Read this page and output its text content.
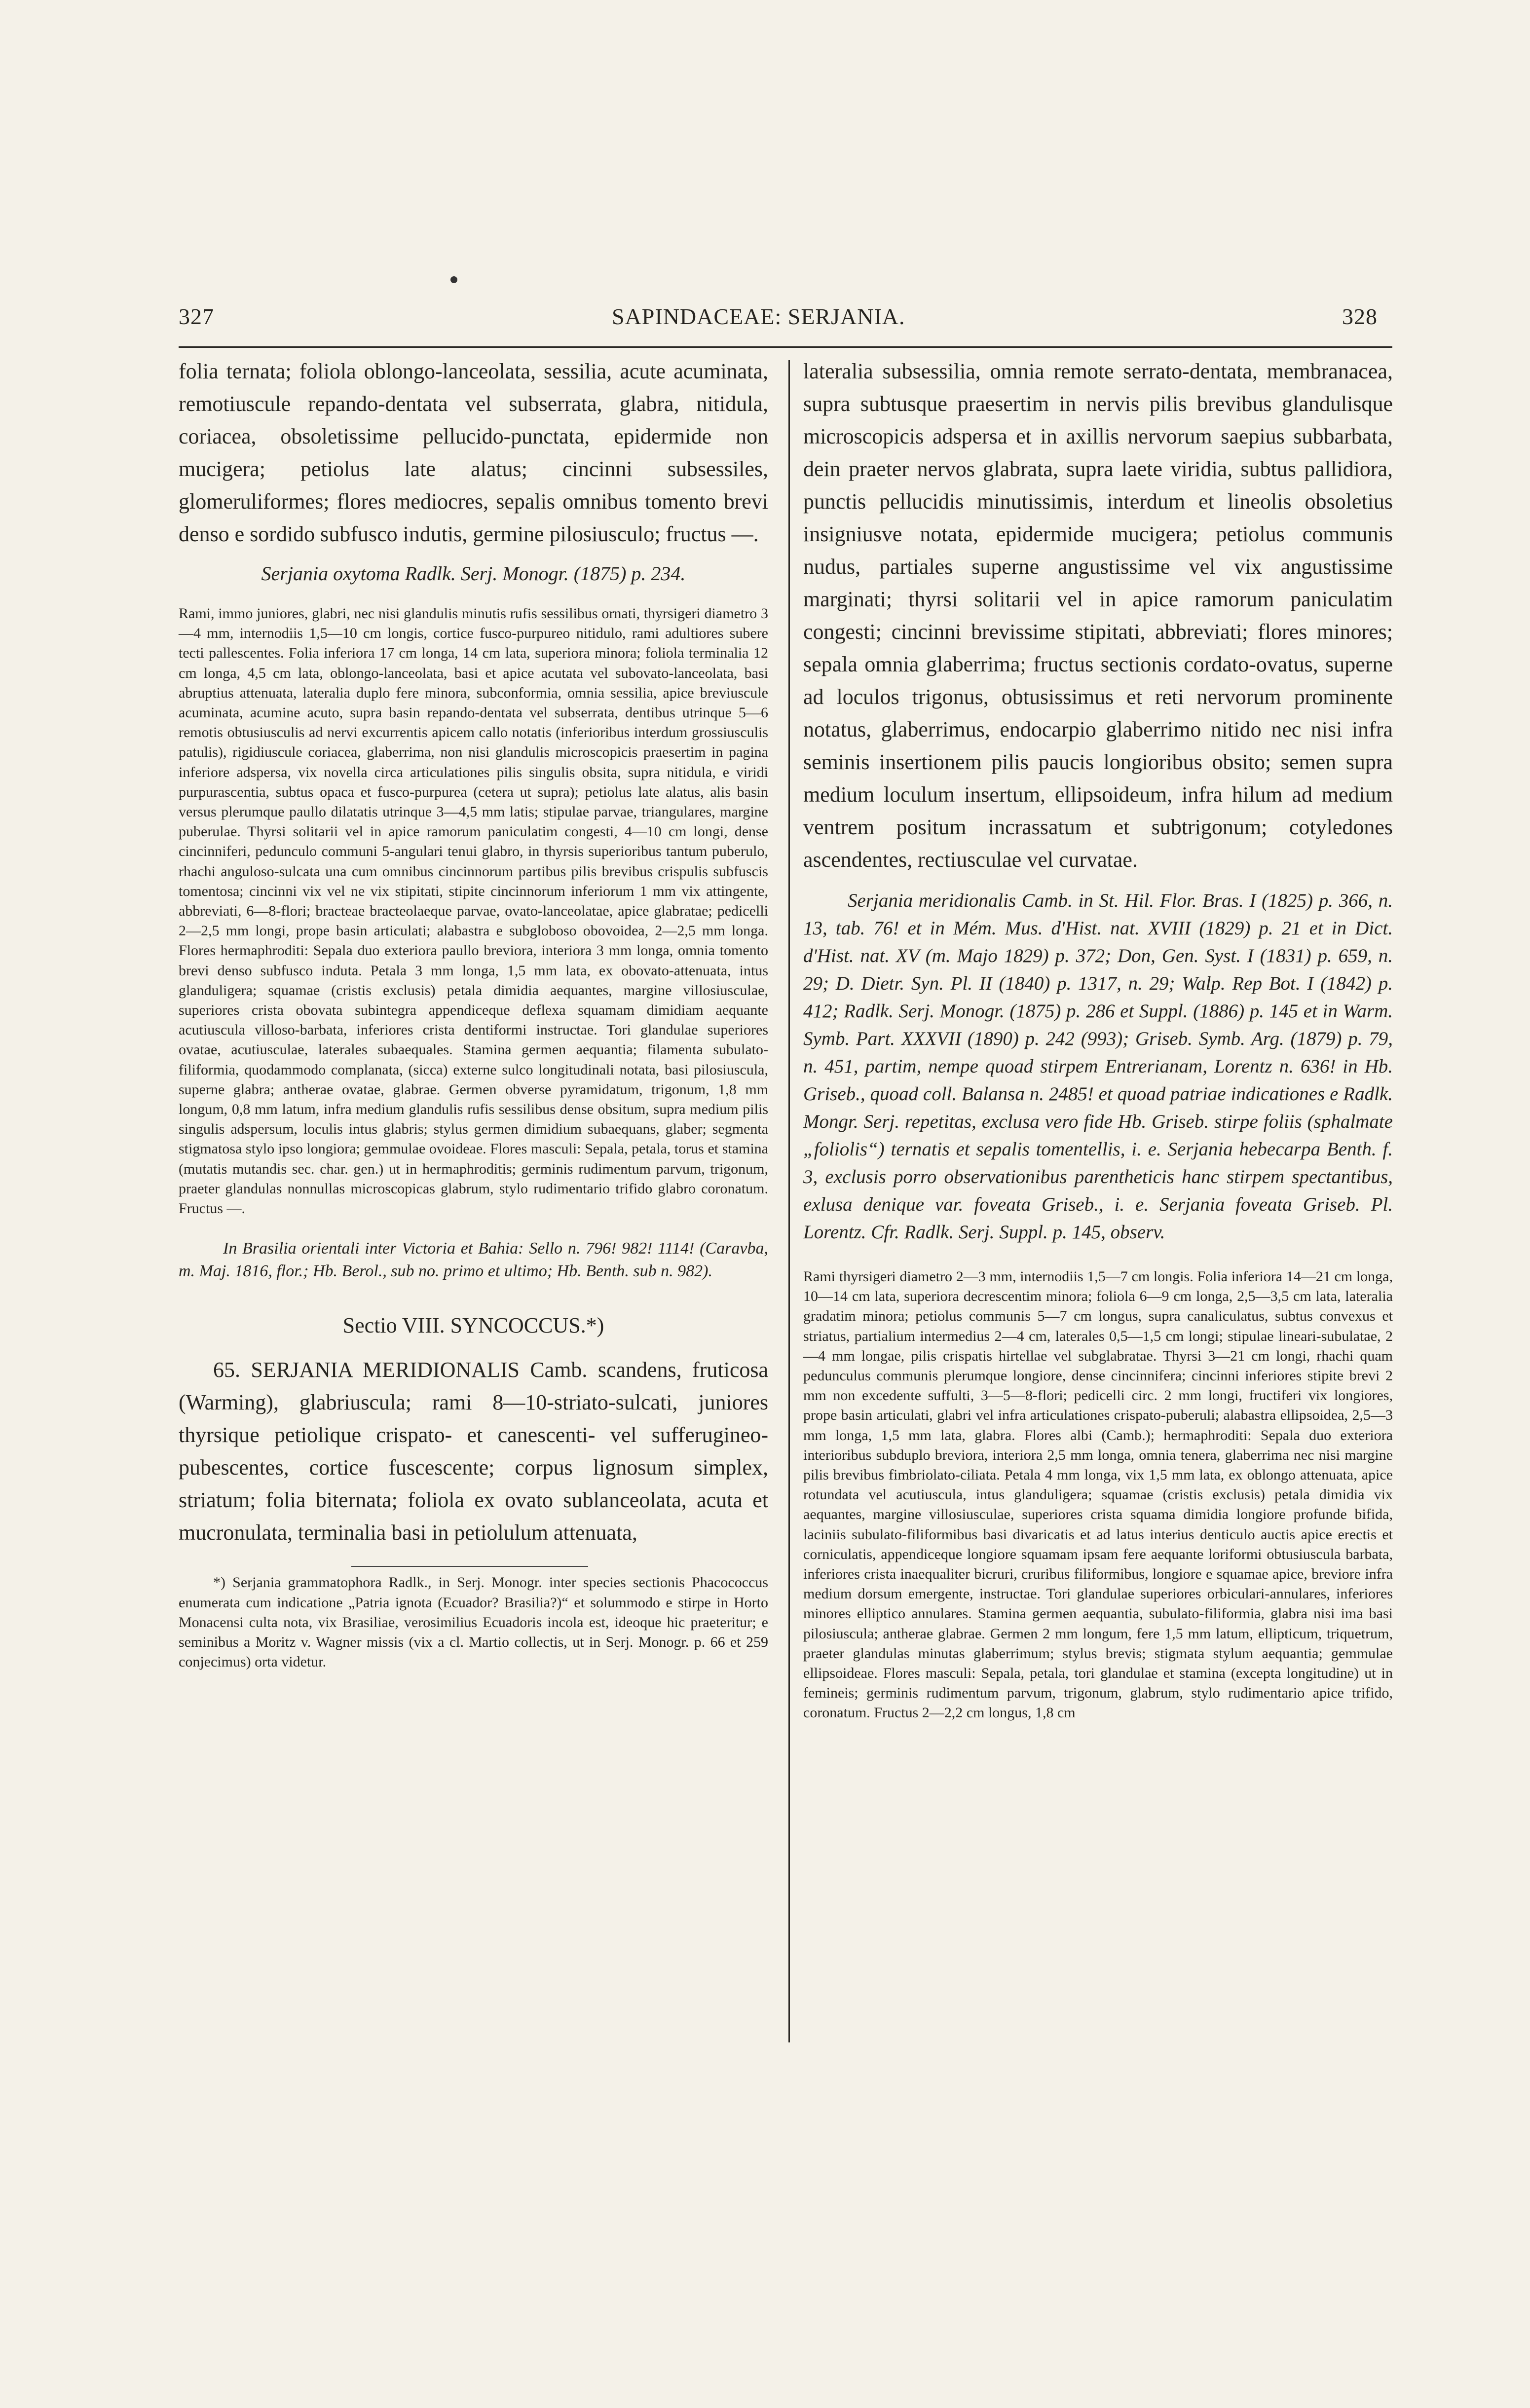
327	SAPINDACEAE: SERJANIA.	328

folia ternata; foliola oblongo-lanceolata, sessilia, acute acuminata, remotiuscule repando-dentata vel subserrata, glabra, nitidula, coriacea, obsoletissime pellucido-punctata, epidermide non mucigera; petiolus late alatus; cincinni subsessiles, glomeruliformes; flores mediocres, sepalis omnibus tomento brevi denso e sordido subfusco indutis, germine pilosiusculo; fructus —.

Serjania oxytoma Radlk. Serj. Monogr. (1875) p. 234.

Rami, immo juniores, glabri, nec nisi glandulis minutis rufis sessilibus ornati, thyrsigeri diametro 3—4 mm, internodiis 1,5—10 cm longis, cortice fusco-purpureo nitidulo, rami adultiores subere tecti pallescentes. Folia inferiora 17 cm longa, 14 cm lata, superiora minora; foliola terminalia 12 cm longa, 4,5 cm lata, oblongo-lanceolata, basi et apice acutata vel subovato-lanceolata, basi abruptius attenuata, lateralia duplo fere minora, subconformia, omnia sessilia, apice breviuscule acuminata, acumine acuto, supra basin repando-dentata vel subserrata, dentibus utrinque 5—6 remotis obtusiusculis ad nervi excurrentis apicem callo notatis (inferioribus interdum grossiusculis patulis), rigidiuscule coriacea, glaberrima, non nisi glandulis microscopicis praesertim in pagina inferiore adspersa, vix novella circa articulationes pilis singulis obsita, supra nitidula, e viridi purpurascentia, subtus opaca et fusco-purpurea (cetera ut supra); petiolus late alatus, alis basin versus plerumque paullo dilatatis utrinque 3—4,5 mm latis; stipulae parvae, triangulares, margine puberulae. Thyrsi solitarii vel in apice ramorum paniculatim congesti, 4—10 cm longi, dense cincinniferi, pedunculo communi 5-angulari tenui glabro, in thyrsis superioribus tantum puberulo, rhachi anguloso-sulcata una cum omnibus cincinnorum partibus pilis brevibus crispulis subfuscis tomentosa; cincinni vix vel ne vix stipitati, stipite cincinnorum inferiorum 1 mm vix attingente, abbreviati, 6—8-flori; bracteae bracteolaeque parvae, ovato-lanceolatae, apice glabratae; pedicelli 2—2,5 mm longi, prope basin articulati; alabastra e subgloboso obovoidea, 2—2,5 mm longa. Flores hermaphroditi: Sepala duo exteriora paullo breviora, interiora 3 mm longa, omnia tomento brevi denso subfusco induta. Petala 3 mm longa, 1,5 mm lata, ex obovato-attenuata, intus glanduligera; squamae (cristis exclusis) petala dimidia aequantes, margine villosiusculae, superiores crista obovata subintegra appendiceque deflexa squamam dimidiam aequante acutiuscula villoso-barbata, inferiores crista dentiformi instructae. Tori glandulae superiores ovatae, acutiusculae, laterales subaequales. Stamina germen aequantia; filamenta subulato-filiformia, quodammodo complanata, (sicca) externe sulco longitudinali notata, basi pilosiuscula, superne glabra; antherae ovatae, glabrae. Germen obverse pyramidatum, trigonum, 1,8 mm longum, 0,8 mm latum, infra medium glandulis rufis sessilibus dense obsitum, supra medium pilis singulis adspersum, loculis intus glabris; stylus germen dimidium subaequans, glaber; segmenta stigmatosa stylo ipso longiora; gemmulae ovoideae. Flores masculi: Sepala, petala, torus et stamina (mutatis mutandis sec. char. gen.) ut in hermaphroditis; germinis rudimentum parvum, trigonum, praeter glandulas nonnullas microscopicas glabrum, stylo rudimentario trifido glabro coronatum. Fructus —.

In Brasilia orientali inter Victoria et Bahia: Sello n. 796! 982! 1114! (Caravba, m. Maj. 1816, flor.; Hb. Berol., sub no. primo et ultimo; Hb. Benth. sub n. 982).

Sectio VIII. SYNCOCCUS.*)

65. SERJANIA MERIDIONALIS Camb. scandens, fruticosa (Warming), glabriuscula; rami 8—10-striato-sulcati, juniores thyrsique petiolique crispato- et canescenti- vel sufferugineo-pubescentes, cortice fuscescente; corpus lignosum simplex, striatum; folia biternata; foliola ex ovato sublanceolata, acuta et mucronulata, terminalia basi in petiolulum attenuata,

*) Serjania grammatophora Radlk., in Serj. Monogr. inter species sectionis Phacococcus enumerata cum indicatione „Patria ignota (Ecuador? Brasilia?)“ et solummodo e stirpe in Horto Monacensi culta nota, vix Brasiliae, verosimilius Ecuadoris incola est, ideoque hic praeteritur; e seminibus a Moritz v. Wagner missis (vix a cl. Martio collectis, ut in Serj. Monogr. p. 66 et 259 conjecimus) orta videtur.

lateralia subsessilia, omnia remote serrato-dentata, membranacea, supra subtusque praesertim in nervis pilis brevibus glandulisque microscopicis adspersa et in axillis nervorum saepius subbarbata, dein praeter nervos glabrata, supra laete viridia, subtus pallidiora, punctis pellucidis minutissimis, interdum et lineolis obsoletius insigniusve notata, epidermide mucigera; petiolus communis nudus, partiales superne angustissime vel vix angustissime marginati; thyrsi solitarii vel in apice ramorum paniculatim congesti; cincinni brevissime stipitati, abbreviati; flores minores; sepala omnia glaberrima; fructus sectionis cordato-ovatus, superne ad loculos trigonus, obtusissimus et reti nervorum prominente notatus, glaberrimus, endocarpio glaberrimo nitido nec nisi infra seminis insertionem pilis paucis longioribus obsito; semen supra medium loculum insertum, ellipsoideum, infra hilum ad medium ventrem positum incrassatum et subtrigonum; cotyledones ascendentes, rectiusculae vel curvatae.

Serjania meridionalis Camb. in St. Hil. Flor. Bras. I (1825) p. 366, n. 13, tab. 76! et in Mém. Mus. d'Hist. nat. XVIII (1829) p. 21 et in Dict. d'Hist. nat. XV (m. Majo 1829) p. 372; Don, Gen. Syst. I (1831) p. 659, n. 29; D. Dietr. Syn. Pl. II (1840) p. 1317, n. 29; Walp. Rep Bot. I (1842) p. 412; Radlk. Serj. Monogr. (1875) p. 286 et Suppl. (1886) p. 145 et in Warm. Symb. Part. XXXVII (1890) p. 242 (993); Griseb. Symb. Arg. (1879) p. 79, n. 451, partim, nempe quoad stirpem Entrerianam, Lorentz n. 636! in Hb. Griseb., quoad coll. Balansa n. 2485! et quoad patriae indicationes e Radlk. Mongr. Serj. repetitas, exclusa vero fide Hb. Griseb. stirpe foliis (sphalmate „foliolis“) ternatis et sepalis tomentellis, i. e. Serjania hebecarpa Benth. f. 3, exclusis porro observationibus parentheticis hanc stirpem spectantibus, exlusa denique var. foveata Griseb., i. e. Serjania foveata Griseb. Pl. Lorentz. Cfr. Radlk. Serj. Suppl. p. 145, observ.

Rami thyrsigeri diametro 2—3 mm, internodiis 1,5—7 cm longis. Folia inferiora 14—21 cm longa, 10—14 cm lata, superiora decrescentim minora; foliola 6—9 cm longa, 2,5—3,5 cm lata, lateralia gradatim minora; petiolus communis 5—7 cm longus, supra canaliculatus, subtus convexus et striatus, partialium intermedius 2—4 cm, laterales 0,5—1,5 cm longi; stipulae lineari-subulatae, 2—4 mm longae, pilis crispatis hirtellae vel subglabratae. Thyrsi 3—21 cm longi, rhachi quam pedunculus communis plerumque longiore, dense cincinnifera; cincinni inferiores stipite brevi 2 mm non excedente suffulti, 3—5—8-flori; pedicelli circ. 2 mm longi, fructiferi vix longiores, prope basin articulati, glabri vel infra articulationes crispato-puberuli; alabastra ellipsoidea, 2,5—3 mm longa, 1,5 mm lata, glabra. Flores albi (Camb.); hermaphroditi: Sepala duo exteriora interioribus subduplo breviora, interiora 2,5 mm longa, omnia tenera, glaberrima nec nisi margine pilis brevibus fimbriolato-ciliata. Petala 4 mm longa, vix 1,5 mm lata, ex oblongo attenuata, apice rotundata vel acutiuscula, intus glanduligera; squamae (cristis exclusis) petala dimidia vix aequantes, margine villosiusculae, superiores crista squama dimidia longiore profunde bifida, laciniis subulato-filiformibus basi divaricatis et ad latus interius denticulo auctis apice erectis et corniculatis, appendiceque longiore squamam ipsam fere aequante loriformi obtusiuscula barbata, inferiores crista inaequaliter bicruri, cruribus filiformibus, longiore e squamae apice, breviore infra medium dorsum emergente, instructae. Tori glandulae superiores orbiculari-annulares, inferiores minores elliptico annulares. Stamina germen aequantia, subulato-filiformia, glabra nisi ima basi pilosiuscula; antherae glabrae. Germen 2 mm longum, fere 1,5 mm latum, ellipticum, triquetrum, praeter glandulas minutas glaberrimum; stylus brevis; stigmata stylum aequantia; gemmulae ellipsoideae. Flores masculi: Sepala, petala, tori glandulae et stamina (excepta longitudine) ut in femineis; germinis rudimentum parvum, trigonum, glabrum, stylo rudimentario apice trifido, coronatum. Fructus 2—2,2 cm longus, 1,8 cm
